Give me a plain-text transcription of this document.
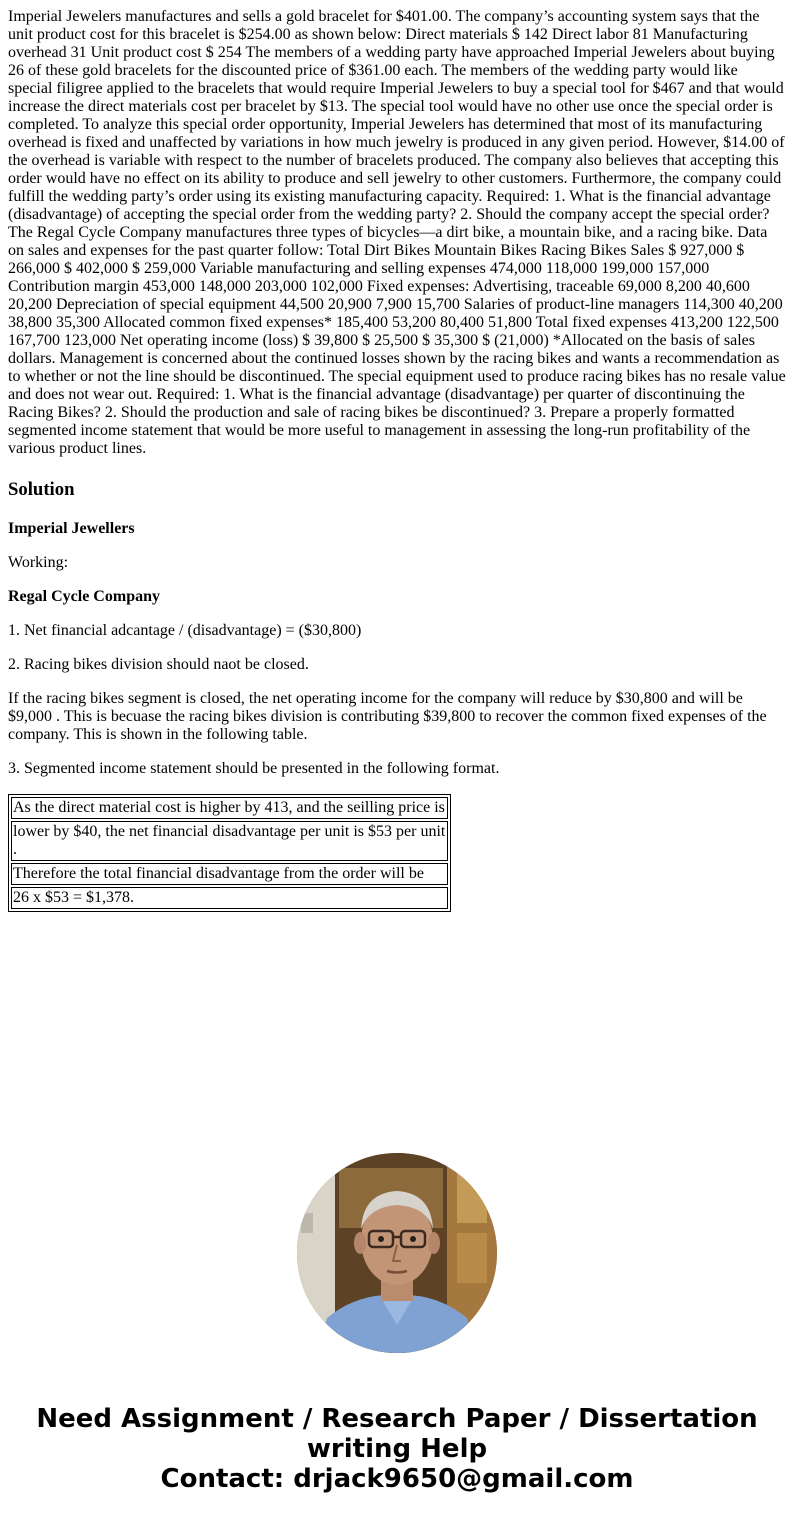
Imperial Jewelers manufactures and sells a gold bracelet for $401.00. The company’s accounting system says that the unit product cost for this bracelet is $254.00 as shown below: Direct materials $ 142 Direct labor 81 Manufacturing overhead 31 Unit product cost $ 254 The members of a wedding party have approached Imperial Jewelers about buying 26 of these gold bracelets for the discounted price of $361.00 each. The members of the wedding party would like special filigree applied to the bracelets that would require Imperial Jewelers to buy a special tool for $467 and that would increase the direct materials cost per bracelet by $13. The special tool would have no other use once the special order is completed. To analyze this special order opportunity, Imperial Jewelers has determined that most of its manufacturing overhead is fixed and unaffected by variations in how much jewelry is produced in any given period. However, $14.00 of the overhead is variable with respect to the number of bracelets produced. The company also believes that accepting this order would have no effect on its ability to produce and sell jewelry to other customers. Furthermore, the company could fulfill the wedding party’s order using its existing manufacturing capacity. Required: 1. What is the financial advantage (disadvantage) of accepting the special order from the wedding party? 2. Should the company accept the special order? The Regal Cycle Company manufactures three types of bicycles—a dirt bike, a mountain bike, and a racing bike. Data on sales and expenses for the past quarter follow: Total Dirt Bikes Mountain Bikes Racing Bikes Sales $ 927,000 $ 266,000 $ 402,000 $ 259,000 Variable manufacturing and selling expenses 474,000 118,000 199,000 157,000 Contribution margin 453,000 148,000 203,000 102,000 Fixed expenses: Advertising, traceable 69,000 8,200 40,600 20,200 Depreciation of special equipment 44,500 20,900 7,900 15,700 Salaries of product-line managers 114,300 40,200 38,800 35,300 Allocated common fixed expenses* 185,400 53,200 80,400 51,800 Total fixed expenses 413,200 122,500 167,700 123,000 Net operating income (loss) $ 39,800 $ 25,500 $ 35,300 $ (21,000) *Allocated on the basis of sales dollars. Management is concerned about the continued losses shown by the racing bikes and wants a recommendation as to whether or not the line should be discontinued. The special equipment used to produce racing bikes has no resale value and does not wear out. Required: 1. What is the financial advantage (disadvantage) per quarter of discontinuing the Racing Bikes? 2. Should the production and sale of racing bikes be discontinued? 3. Prepare a properly formatted segmented income statement that would be more useful to management in assessing the long-run profitability of the various product lines.
Solution
Imperial Jewellers
Working:
Regal Cycle Company
1. Net financial adcantage / (disadvantage) = ($30,800)
2. Racing bikes division should naot be closed.
If the racing bikes segment is closed, the net operating income for the company will reduce by $30,800 and will be $9,000 . This is becuase the racing bikes division is contributing $39,800 to recover the common fixed expenses of the company. This is shown in the following table.
3. Segmented income statement should be presented in the following format.
As the direct material cost is higher by 413, and the seilling price is
lower by $40, the net financial disadvantage per unit is $53 per unit .
Therefore the total financial disadvantage from the order will be
26 x $53 = $1,378.
Need Assignment / Research Paper / Dissertation writing Help
Contact: drjack9650@gmail.com
